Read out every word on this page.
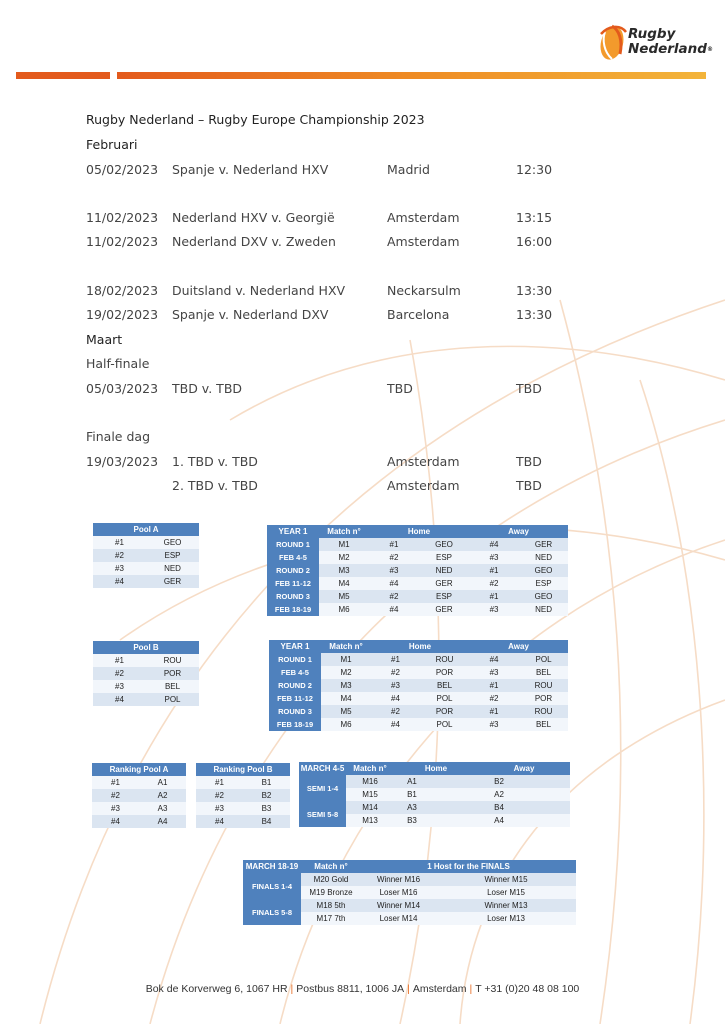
Rugby
Nederland®
Rugby Nederland – Rugby Europe Championship 2023
Februari
05/02/2023 Spanje v. Nederland HXV	Madrid	12:30
11/02/2023 Nederland HXV v. Georgië	Amsterdam	13:15
11/02/2023 Nederland DXV v. Zweden	Amsterdam	16:00
18/02/2023 Duitsland v. Nederland HXV	Neckarsulm	13:30
19/02/2023 Spanje v. Nederland DXV	Barcelona	13:30
Maart
Half-finale
05/03/2023 TBD v. TBD	TBD	TBD
Finale dag
19/03/2023 1. TBD v. TBD	Amsterdam	TBD
2. TBD v. TBD	Amsterdam	TBD
Pool A	
#1	GEO
#2	ESP
#3	NED
#4	GER
YEAR 1	Match n°	Home		Away	
ROUND 1	M1	#1	GEO	#4	GER
FEB 4-5	M2	#2	ESP	#3	NED
ROUND 2	M3	#3	NED	#1	GEO
FEB 11-12	M4	#4	GER	#2	ESP
ROUND 3	M5	#2	ESP	#1	GEO
FEB 18-19	M6	#4	GER	#3	NED
Pool B	
#1	ROU
#2	POR
#3	BEL
#4	POL
YEAR 1	Match n°	Home		Away	
ROUND 1	M1	#1	ROU	#4	POL
FEB 4-5	M2	#2	POR	#3	BEL
ROUND 2	M3	#3	BEL	#1	ROU
FEB 11-12	M4	#4	POL	#2	POR
ROUND 3	M5	#2	POR	#1	ROU
FEB 18-19	M6	#4	POL	#3	BEL
Ranking Pool A	
#1	A1
#2	A2
#3	A3
#4	A4
Ranking Pool B	
#1	B1
#2	B2
#3	B3
#4	B4
MARCH 4-5	Match n°	Home		Away	
SEMI 1-4	M16	A1		B2	
	M15	B1		A2	
SEMI 5-8	M14	A3		B4	
	M13	B3		A4	
MARCH 18-19	Match n°	1 Host for the FINALS			
FINALS 1-4	M20 Gold	Winner M16		Winner M15	
	M19 Bronze	Loser M16		Loser M15	
FINALS 5-8	M18 5th	Winner M14		Winner M13	
	M17 7th	Loser M14		Loser M13	
Bok de Korverweg 6, 1067 HR | Postbus 8811, 1006 JA | Amsterdam | T +31 (0)20 48 08 100
